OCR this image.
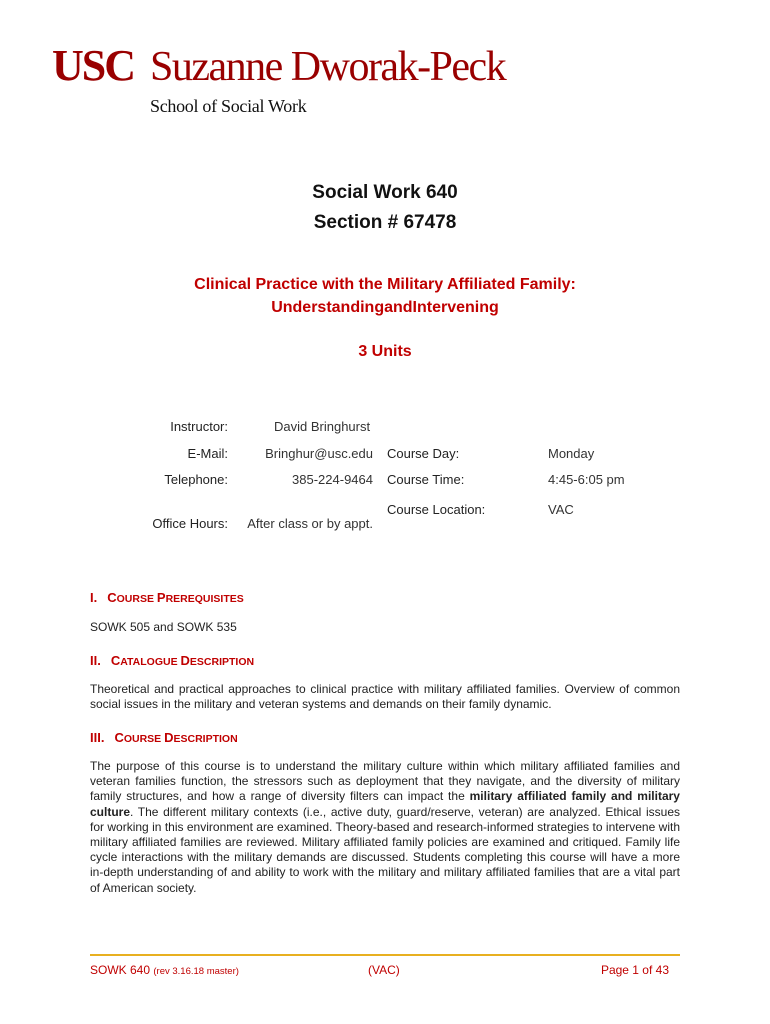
USC Suzanne Dworak-Peck
School of Social Work
Social Work 640
Section # 67478
Clinical Practice with the Military Affiliated Family:
UnderstandingandIntervening
3 Units
Instructor:	David Bringhurst
E-Mail:	Bringhur@usc.edu Course Day:	Monday
Telephone:	385-224-9464 Course Time:	4:45-6:05 pm
Course Location:	VAC
Office Hours:	After class or by appt.
I. COURSE PREREQUISITES
SOWK 505 and SOWK 535
II. CATALOGUE DESCRIPTION
Theoretical and practical approaches to clinical practice with military affiliated families. Overview of common social issues in the military and veteran systems and demands on their family dynamic.
III. COURSE DESCRIPTION
The purpose of this course is to understand the military culture within which military affiliated families and veteran families function, the stressors such as deployment that they navigate, and the diversity of military family structures, and how a range of diversity filters can impact the military affiliated family and military culture. The different military contexts (i.e., active duty, guard/reserve, veteran) are analyzed. Ethical issues for working in this environment are examined. Theory-based and research-informed strategies to intervene with military affiliated families are reviewed. Military affiliated family policies are examined and critiqued. Family life cycle interactions with the military demands are discussed. Students completing this course will have a more in-depth understanding of and ability to work with the military and military affiliated families that are a vital part of American society.
SOWK 640 (rev 3.16.18 master)	(VAC)	Page 1 of 43
